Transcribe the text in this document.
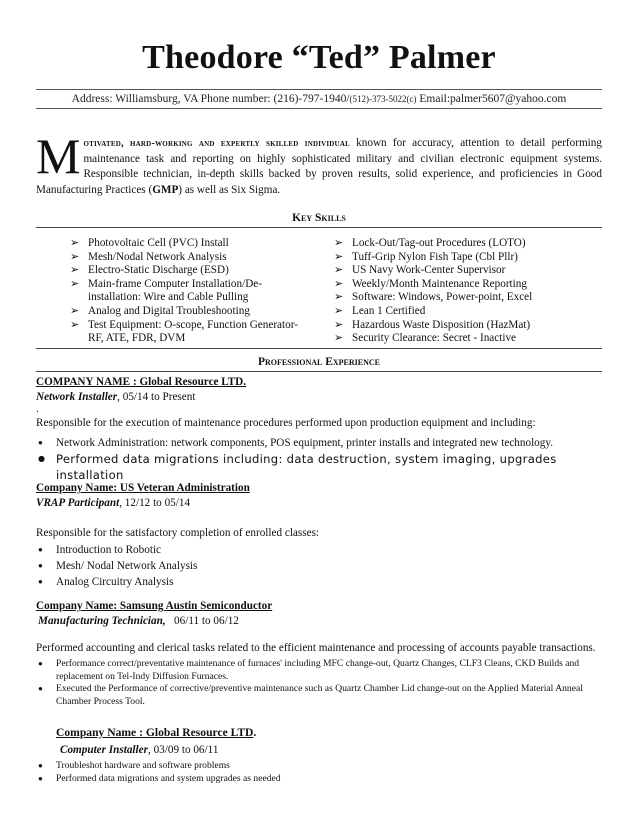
Theodore “Ted” Palmer
Address: Williamsburg, VA Phone number: (216)-797-1940/(512)-373-5022(c) Email:palmer5607@yahoo.com
Motivated, hard-working and expertly skilled individual known for accuracy, attention to detail performing maintenance task and reporting on highly sophisticated military and civilian electronic equipment systems. Responsible technician, in-depth skills backed by proven results, solid experience, and proficiencies in Good Manufacturing Practices (GMP) as well as Six Sigma.
Key Skills
➢ Photovoltaic Cell (PVC) Install
➢ Mesh/Nodal Network Analysis
➢ Electro-Static Discharge (ESD)
➢ Main-frame Computer Installation/De-installation: Wire and Cable Pulling
➢ Analog and Digital Troubleshooting
➢ Test Equipment: O-scope, Function Generator-RF, ATE, FDR, DVM
➢ Lock-Out/Tag-out Procedures (LOTO)
➢ Tuff-Grip Nylon Fish Tape (Cbl Pllr)
➢ US Navy Work-Center Supervisor
➢ Weekly/Month Maintenance Reporting
➢ Software: Windows, Power-point, Excel
➢ Lean 1 Certified
➢ Hazardous Waste Disposition (HazMat)
➢ Security Clearance: Secret - Inactive
Professional Experience
COMPANY NAME : Global Resource LTD.
Network Installer, 05/14 to Present
.
Responsible for the execution of maintenance procedures performed upon production equipment and including:
● Network Administration: network components, POS equipment, printer installs and integrated new technology.
● Performed data migrations including: data destruction, system imaging, upgrades installation
Company Name: US Veteran Administration
VRAP Participant, 12/12 to 05/14
Responsible for the satisfactory completion of enrolled classes:
● Introduction to Robotic
● Mesh/ Nodal Network Analysis
● Analog Circuitry Analysis
Company Name: Samsung Austin Semiconductor
Manufacturing Technician, 06/11 to 06/12
Performed accounting and clerical tasks related to the efficient maintenance and processing of accounts payable transactions.
● Performance correct/preventative maintenance of furnaces' including MFC change-out, Quartz Changes, CLF3 Cleans, CKD Builds and replacement on Tel-Indy Diffusion Furnaces.
● Executed the Performance of corrective/preventive maintenance such as Quartz Chamber Lid change-out on the Applied Material Anneal Chamber Process Tool.
Company Name : Global Resource LTD.
Computer Installer, 03/09 to 06/11
● Troubleshot hardware and software problems
● Performed data migrations and system upgrades as needed
